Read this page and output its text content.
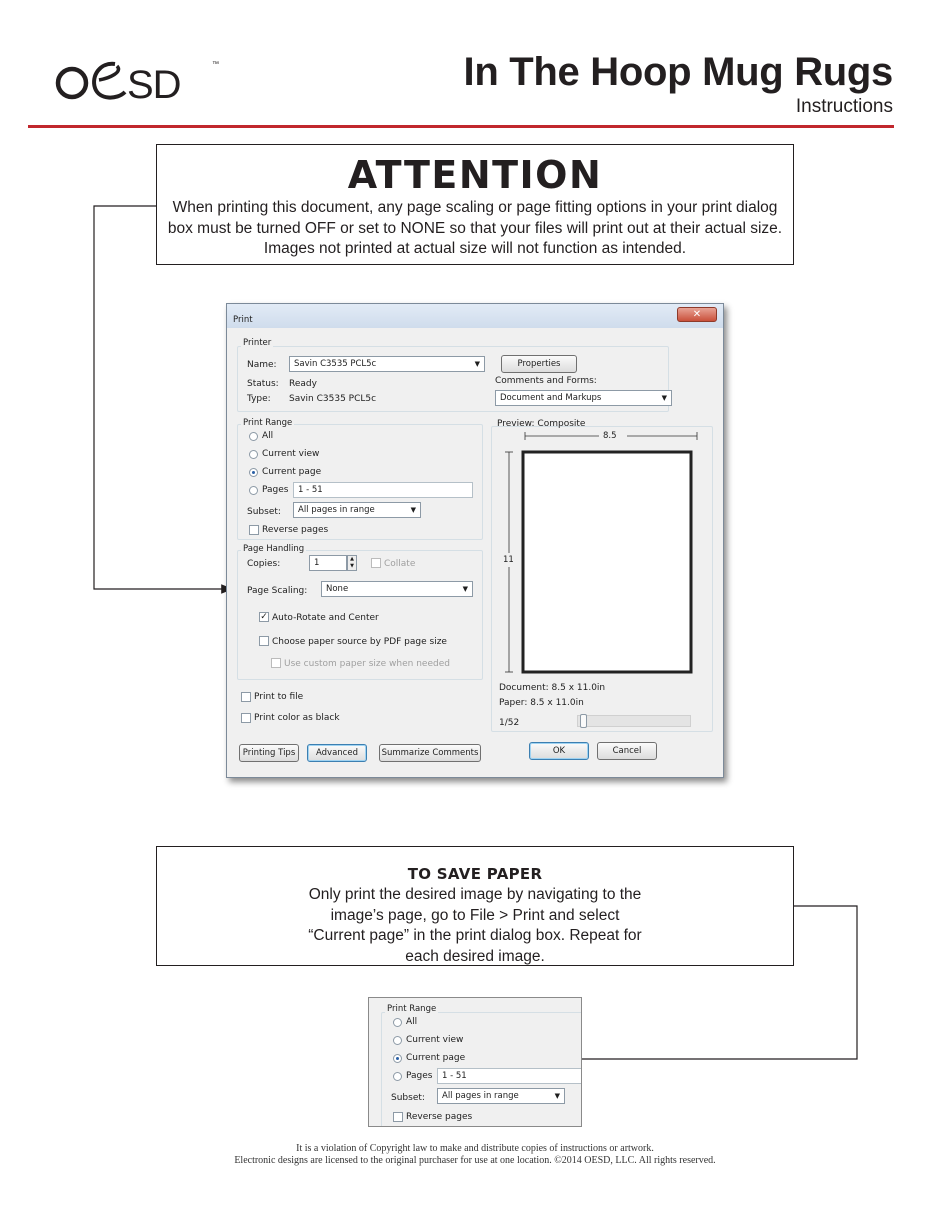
SD	™	In The Hoop Mug Rugs
Instructions
ATTENTION
When printing this document, any page scaling or page fitting options in your print dialog box must be turned OFF or set to NONE so that your files will print out at their actual size. Images not printed at actual size will not function as intended.
Print	✕
Printer
Name:	Savin C3535 PCL5c	▼
Status: Ready
Type: Savin C3535 PCL5c
Properties
Comments and Forms:
Document and Markups	▼
Print Range
All
Current view
Current page
Pages	1 - 51
Subset:	All pages in range	▼
Reverse pages
Page Handling
Copies:	1	▲
▼	Collate
Page Scaling:	None	▼
✓ Auto-Rotate and Center
Choose paper source by PDF page size
Use custom paper size when needed
Print to file
Print color as black
Preview: Composite
8.5
11
Document: 8.5 x 11.0in
Paper: 8.5 x 11.0in
1/52
Printing Tips	Advanced	Summarize Comments	OK	Cancel
TO SAVE PAPER
Only print the desired image by navigating to the image’s page, go to File > Print and select “Current page” in the print dialog box. Repeat for each desired image.
Print Range
All
Current view
Current page
Pages	1 - 51
Subset:	All pages in range	▼
Reverse pages
It is a violation of Copyright law to make and distribute copies of instructions or artwork.
Electronic designs are licensed to the original purchaser for use at one location. ©2014 OESD, LLC. All rights reserved.
